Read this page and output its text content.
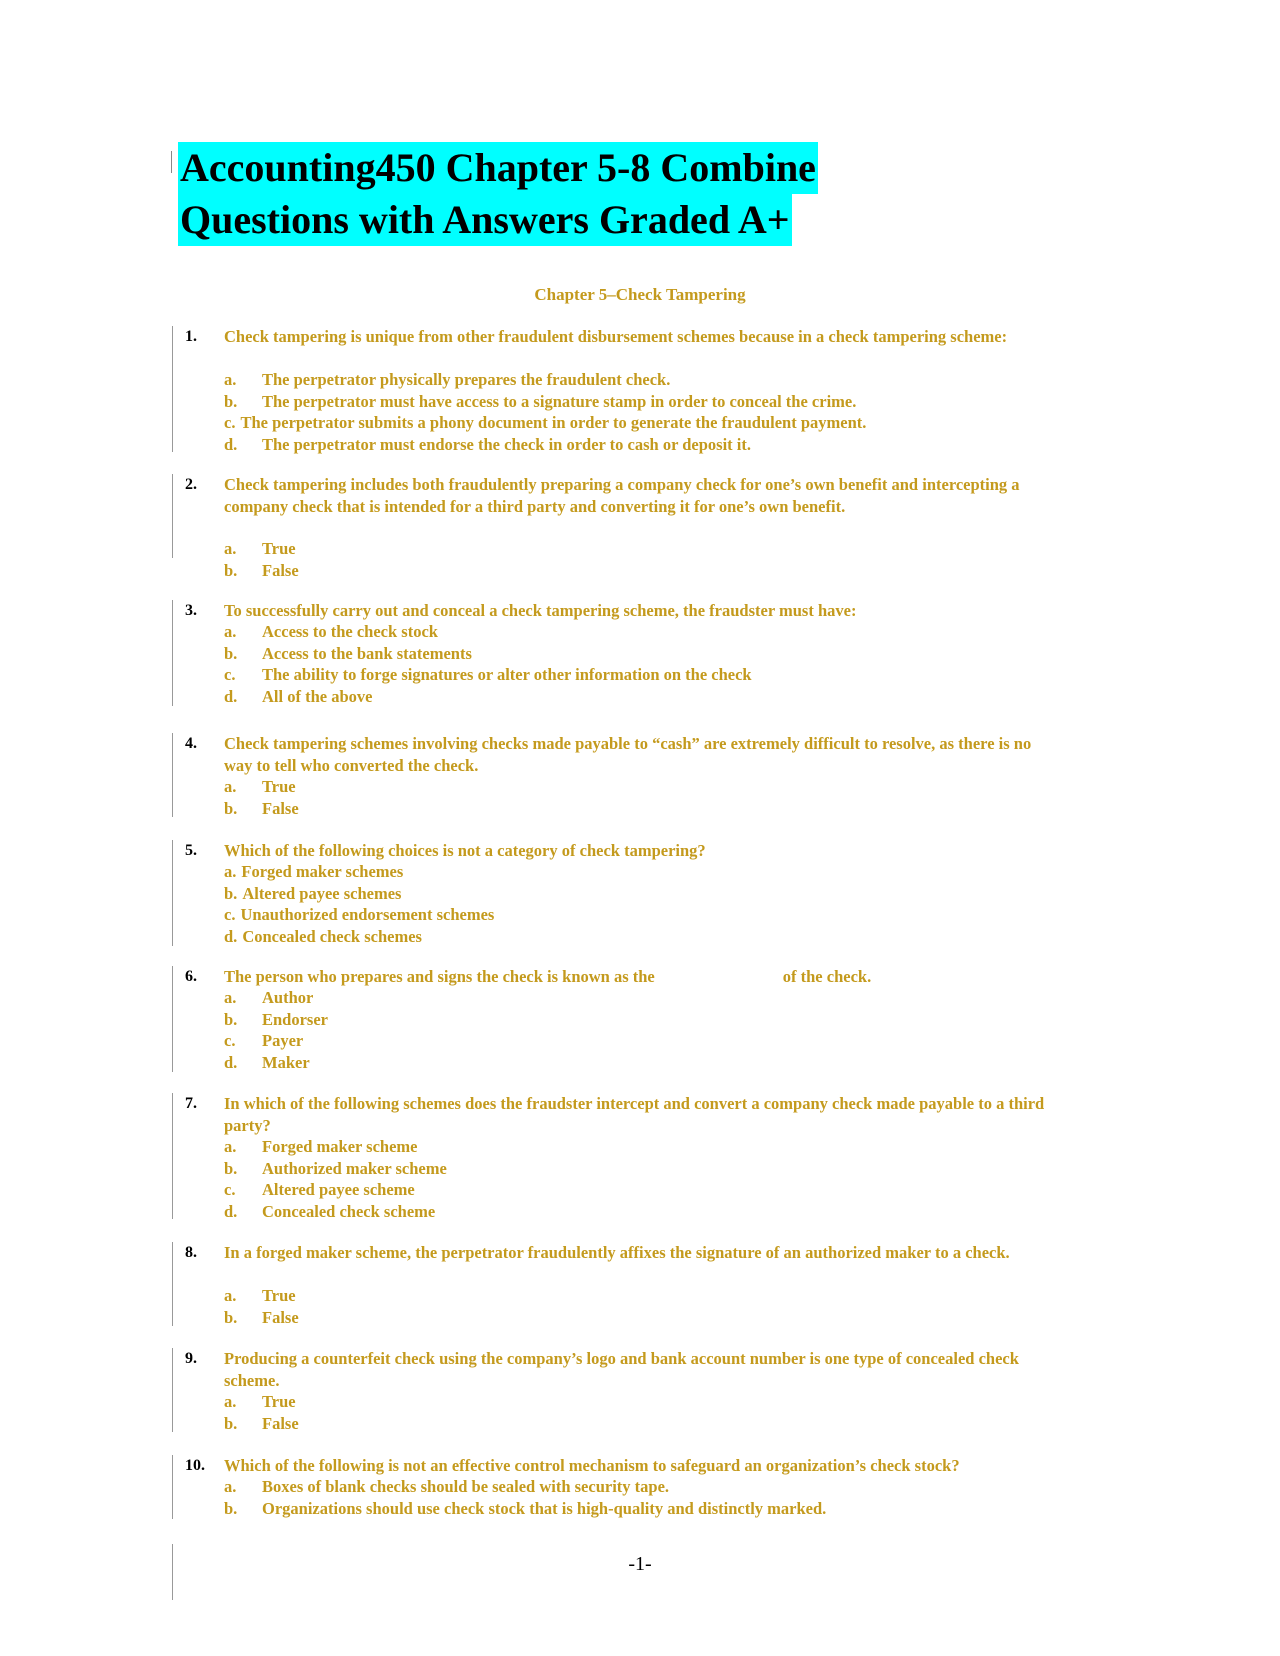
Accounting450 Chapter 5-8 Combine
Questions with Answers Graded A+
Chapter 5–Check Tampering
1. Check tampering is unique from other fraudulent disbursement schemes because in a check tampering scheme:
a. The perpetrator physically prepares the fraudulent check.
b. The perpetrator must have access to a signature stamp in order to conceal the crime.
c. The perpetrator submits a phony document in order to generate the fraudulent payment.
d. The perpetrator must endorse the check in order to cash or deposit it.
2. Check tampering includes both fraudulently preparing a company check for one’s own benefit and intercepting a company check that is intended for a third party and converting it for one’s own benefit.
a. True
b. False
3. To successfully carry out and conceal a check tampering scheme, the fraudster must have:
a. Access to the check stock
b. Access to the bank statements
c. The ability to forge signatures or alter other information on the check
d. All of the above
4. Check tampering schemes involving checks made payable to “cash” are extremely difficult to resolve, as there is no way to tell who converted the check.
a. True
b. False
5. Which of the following choices is not a category of check tampering?
a. Forged maker schemes
b. Altered payee schemes
c. Unauthorized endorsement schemes
d. Concealed check schemes
6. The person who prepares and signs the check is known as the	of the check.
a. Author
b. Endorser
c. Payer
d. Maker
7. In which of the following schemes does the fraudster intercept and convert a company check made payable to a third party?
a. Forged maker scheme
b. Authorized maker scheme
c. Altered payee scheme
d. Concealed check scheme
8. In a forged maker scheme, the perpetrator fraudulently affixes the signature of an authorized maker to a check.
a. True
b. False
9. Producing a counterfeit check using the company’s logo and bank account number is one type of concealed check scheme.
a. True
b. False
10. Which of the following is not an effective control mechanism to safeguard an organization’s check stock?
a. Boxes of blank checks should be sealed with security tape.
b. Organizations should use check stock that is high-quality and distinctly marked.
-1-
